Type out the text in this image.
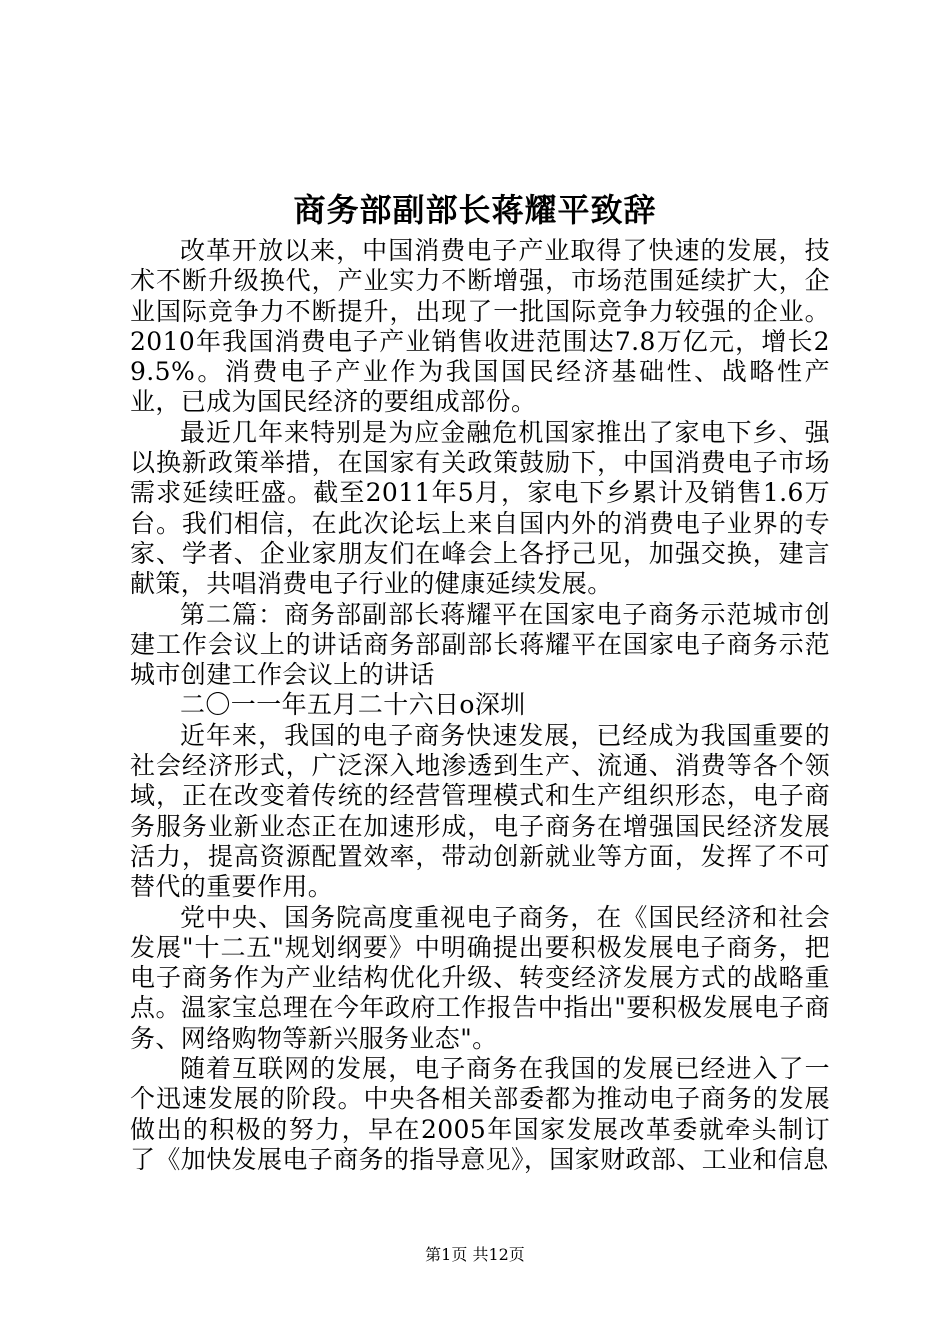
商务部副部长蒋耀平致辞

改革开放以来，中国消费电子产业取得了快速的发展，技术不断升级换代，产业实力不断增强，市场范围延续扩大，企业国际竞争力不断提升，出现了一批国际竞争力较强的企业。2010年我国消费电子产业销售收进范围达7.8万亿元，增长29.5%。消费电子产业作为我国国民经济基础性、战略性产业，已成为国民经济的要组成部份。

最近几年来特别是为应金融危机国家推出了家电下乡、强以换新政策举措，在国家有关政策鼓励下，中国消费电子市场需求延续旺盛。截至2011年5月，家电下乡累计及销售1.6万台。我们相信，在此次论坛上来自国内外的消费电子业界的专家、学者、企业家朋友们在峰会上各抒己见，加强交换，建言献策，共唱消费电子行业的健康延续发展。

第二篇：商务部副部长蒋耀平在国家电子商务示范城市创建工作会议上的讲话商务部副部长蒋耀平在国家电子商务示范城市创建工作会议上的讲话

二〇一一年五月二十六日o深圳

近年来，我国的电子商务快速发展，已经成为我国重要的社会经济形式，广泛深入地渗透到生产、流通、消费等各个领域，正在改变着传统的经营管理模式和生产组织形态，电子商务服务业新业态正在加速形成，电子商务在增强国民经济发展活力，提高资源配置效率，带动创新就业等方面，发挥了不可替代的重要作用。

党中央、国务院高度重视电子商务，在《国民经济和社会发展"十二五"规划纲要》中明确提出要积极发展电子商务，把电子商务作为产业结构优化升级、转变经济发展方式的战略重点。温家宝总理在今年政府工作报告中指出"要积极发展电子商务、网络购物等新兴服务业态"。

随着互联网的发展，电子商务在我国的发展已经进入了一个迅速发展的阶段。中央各相关部委都为推动电子商务的发展做出的积极的努力，早在2005年国家发展改革委就牵头制订了《加快发展电子商务的指导意见》，国家财政部、工业和信息

第1页 共12页
